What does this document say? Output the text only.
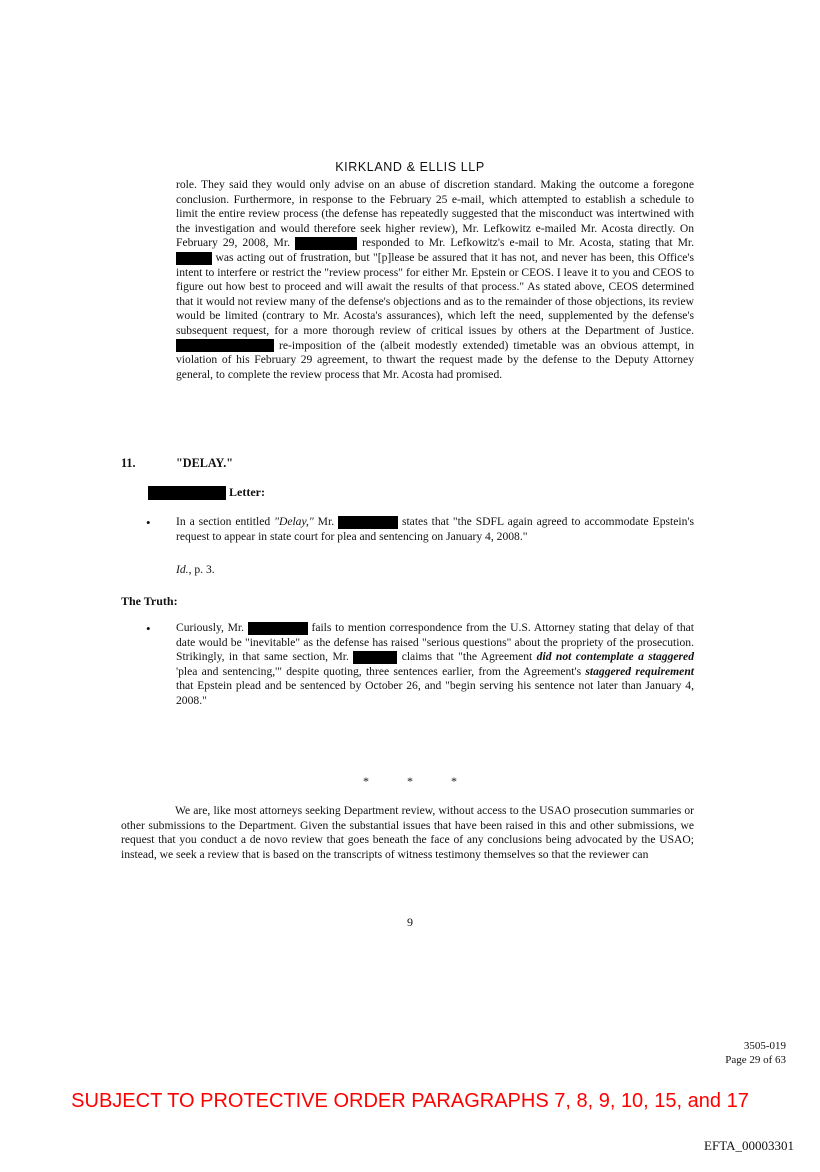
KIRKLAND & ELLIS LLP

role. They said they would only advise on an abuse of discretion standard. Making the outcome a foregone conclusion. Furthermore, in response to the February 25 e-mail, which attempted to establish a schedule to limit the entire review process (the defense has repeatedly suggested that the misconduct was intertwined with the investigation and would therefore seek higher review), Mr. Lefkowitz e-mailed Mr. Acosta directly. On February 29, 2008, Mr.	responded to Mr. Lefkowitz's e-mail to Mr. Acosta, stating that Mr.  was acting out of frustration, but "[p]lease be assured that it has not, and never has been, this Office's intent to interfere or restrict the "review process" for either Mr. Epstein or CEOS. I leave it to you and CEOS to figure out how best to proceed and will await the results of that process." As stated above, CEOS determined that it would not review many of the defense's objections and as to the remainder of those objections, its review would be limited (contrary to Mr. Acosta's assurances), which left the need, supplemented by the defense's subsequent request, for a more thorough review of critical issues by others at the Department of Justice.  re-imposition of the (albeit modestly extended) timetable was an obvious attempt, in violation of his February 29 agreement, to thwart the request made by the defense to the Deputy Attorney general, to complete the review process that Mr. Acosta had promised.

11.	"DELAY."
Letter:
• In a section entitled "Delay," Mr.	states that "the SDFL again agreed to accommodate Epstein's request to appear in state court for plea and sentencing on January 4, 2008."
Id., p. 3.
The Truth:
• Curiously, Mr.	fails to mention correspondence from the U.S. Attorney stating that delay of that date would be "inevitable" as the defense has raised "serious questions" about the propriety of the prosecution. Strikingly, in that same section, Mr.	claims that "the Agreement did not contemplate a staggered 'plea and sentencing,'" despite quoting, three sentences earlier, from the Agreement's staggered requirement that Epstein plead and be sentenced by October 26, and "begin serving his sentence not later than January 4, 2008."
*	*	*

We are, like most attorneys seeking Department review, without access to the USAO prosecution summaries or other submissions to the Department. Given the substantial issues that have been raised in this and other submissions, we request that you conduct a de novo review that goes beneath the face of any conclusions being advocated by the USAO; instead, we seek a review that is based on the transcripts of witness testimony themselves so that the reviewer can

9
3505-019
Page 29 of 63
SUBJECT TO PROTECTIVE ORDER PARAGRAPHS 7, 8, 9, 10, 15, and 17
EFTA_00003301
